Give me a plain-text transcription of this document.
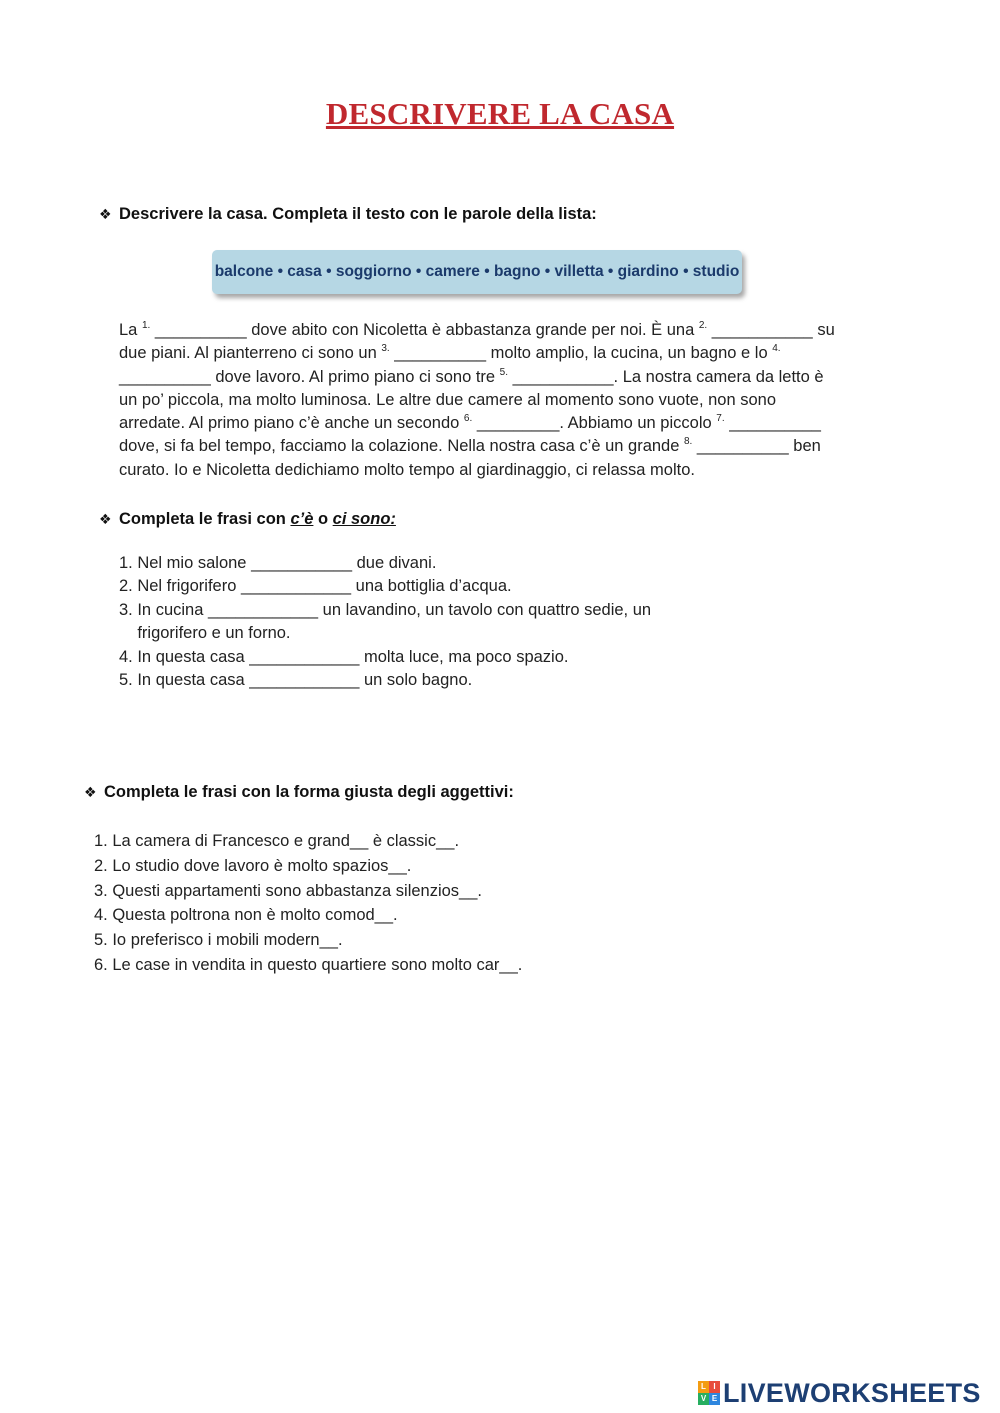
DESCRIVERE LA CASA
❖ Descrivere la casa. Completa il testo con le parole della lista:
balcone • casa • soggiorno • camere • bagno • villetta • giardino • studio
La $^{1.}$ __________ dove abito con Nicoletta è abbastanza grande per noi. È una $^{2.}$ ___________ su
due piani. Al pianterreno ci sono un $^{3.}$ __________ molto amplio, la cucina, un bagno e lo $^{4.}$
__________ dove lavoro. Al primo piano ci sono tre $^{5.}$ ___________. La nostra camera da letto è
un po’ piccola, ma molto luminosa. Le altre due camere al momento sono vuote, non sono
arredate. Al primo piano c’è anche un secondo $^{6.}$ _________. Abbiamo un piccolo $^{7.}$ __________
dove, si fa bel tempo, facciamo la colazione. Nella nostra casa c’è un grande $^{8.}$ __________ ben
curato. Io e Nicoletta dedichiamo molto tempo al giardinaggio, ci relassa molto.
❖ Completa le frasi con c’è o ci sono:
1. Nel mio salone ___________ due divani.
2. Nel frigorifero ____________ una bottiglia d’acqua.
3. In cucina ____________ un lavandino, un tavolo con quattro sedie, un
frigorifero e un forno.
4. In questa casa ____________ molta luce, ma poco spazio.
5. In questa casa ____________ un solo bagno.
❖ Completa le frasi con la forma giusta degli aggettivi:
1. La camera di Francesco e grand__ è classic__.
2. Lo studio dove lavoro è molto spazios__.
3. Questi appartamenti sono abbastanza silenzios__.
4. Questa poltrona non è molto comod__.
5. Io preferisco i mobili modern__.
6. Le case in vendita in questo quartiere sono molto car__.
L I
V E LIVEWORKSHEETS
